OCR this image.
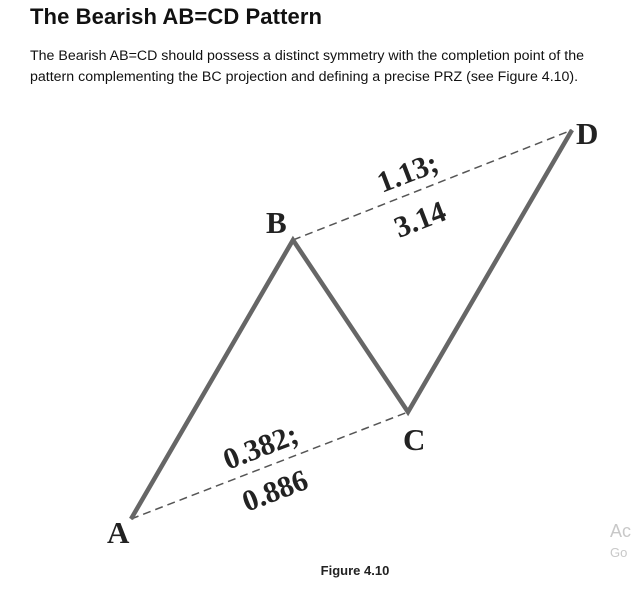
The Bearish AB=CD Pattern

The Bearish AB=CD should possess a distinct symmetry with the completion point of the
pattern complementing the BC projection and defining a precise PRZ (see Figure 4.10).

A
B
C
D
0.382;
0.886
1.13;
3.14
Figure 4.10
Ac
Go
